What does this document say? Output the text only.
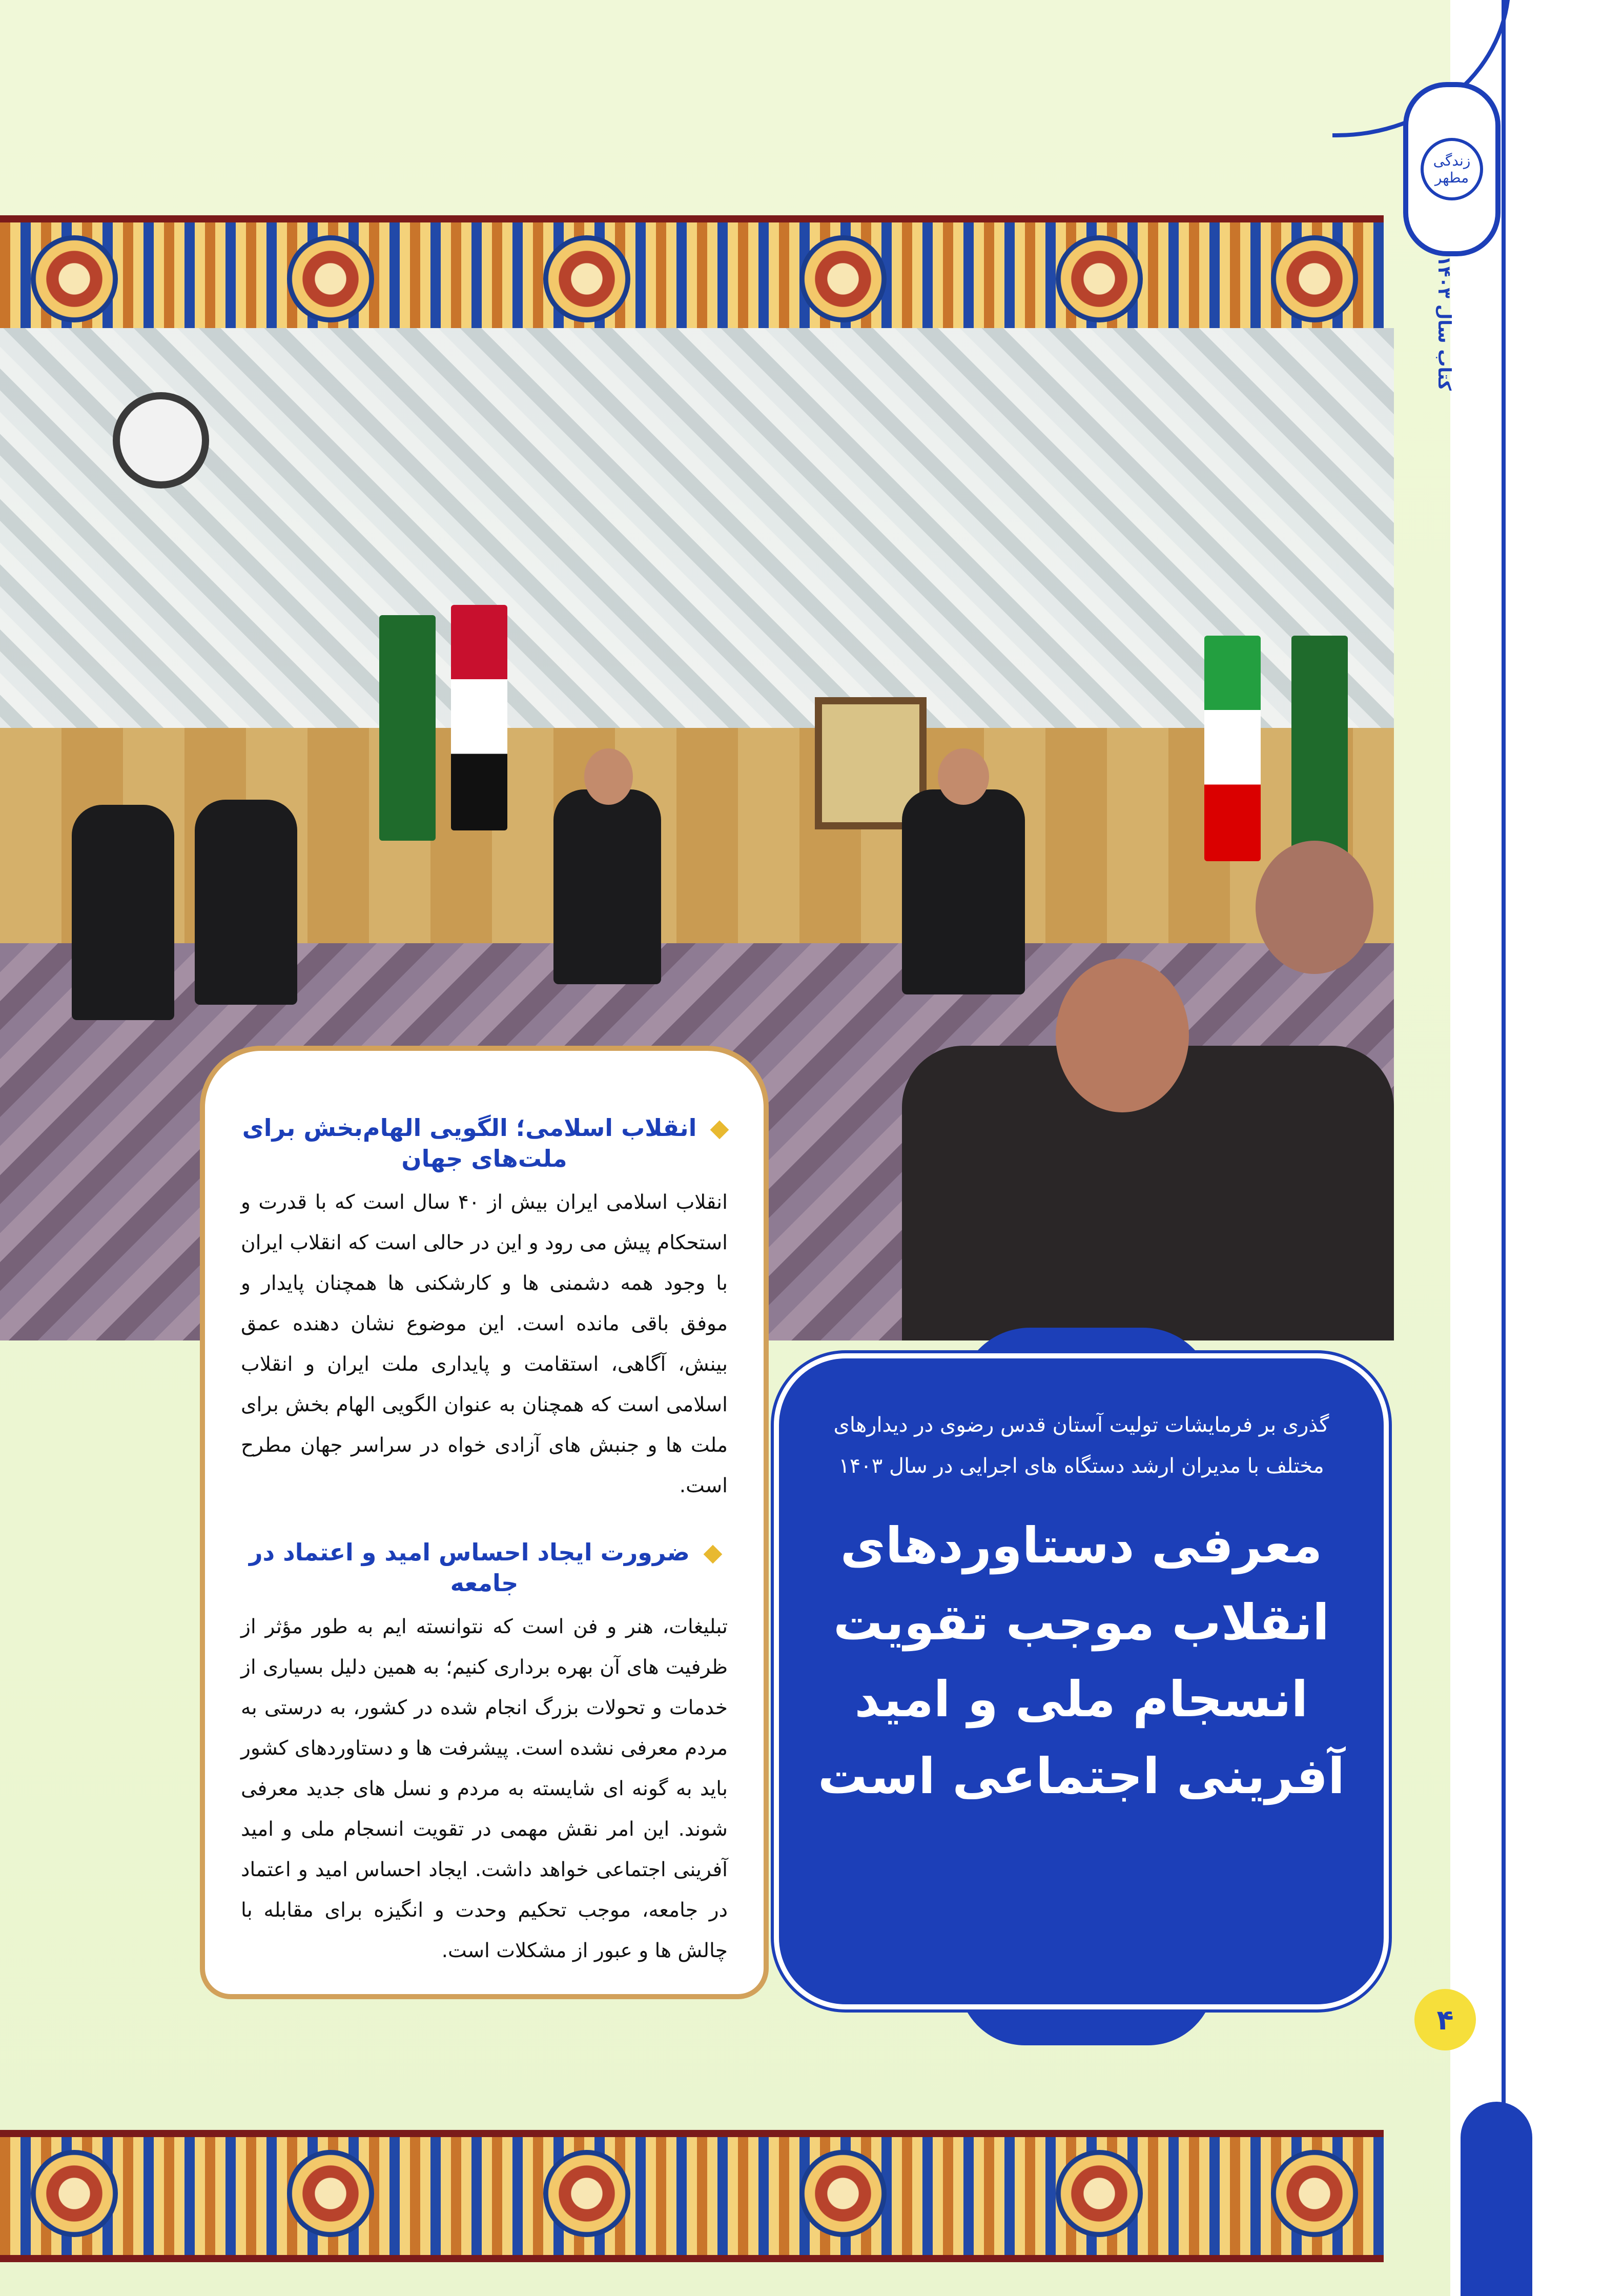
زندگی مطهر
کتاب سال ۱۴۰۳
۴
انقلاب اسلامی؛ الگویی الهام‌بخش برای ملت‌های جهان

انقلاب اسلامی ایران بیش از ۴۰ سال است که با قدرت و استحکام پیش می رود و این در حالی است که انقلاب ایران با وجود همه دشمنی ها و کارشکنی ها همچنان پایدار و موفق باقی مانده است. این موضوع نشان دهنده عمق بینش، آگاهی، استقامت و پایداری ملت ایران و انقلاب اسلامی است که همچنان به عنوان الگویی الهام بخش برای ملت ها و جنبش های آزادی خواه در سراسر جهان مطرح است.

ضرورت ایجاد احساس امید و اعتماد در جامعه

تبلیغات، هنر و فن است که نتوانسته ایم به طور مؤثر از ظرفیت های آن بهره برداری کنیم؛ به همین دلیل بسیاری از خدمات و تحولات بزرگ انجام شده در کشور، به درستی به مردم معرفی نشده است. پیشرفت ها و دستاوردهای کشور باید به گونه ای شایسته به مردم و نسل های جدید معرفی شوند. این امر نقش مهمی در تقویت انسجام ملی و امید آفرینی اجتماعی خواهد داشت. ایجاد احساس امید و اعتماد در جامعه، موجب تحکیم وحدت و انگیزه برای مقابله با چالش ها و عبور از مشکلات است.

گذری بر فرمایشات تولیت آستان قدس رضوی در دیدارهای مختلف با مدیران ارشد دستگاه های اجرایی در سال ۱۴۰۳

معرفی دستاوردهای انقلاب موجب تقویت انسجام ملی و امید آفرینی اجتماعی است
